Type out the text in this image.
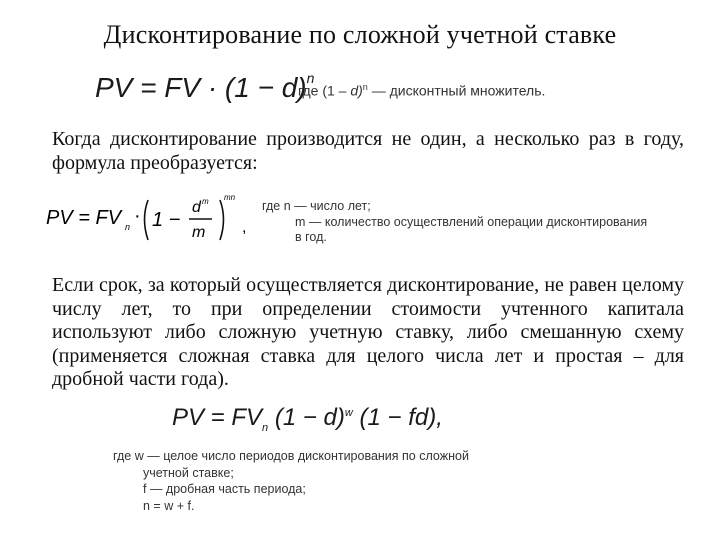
Дисконтирование по сложной учетной ставке
PV = FV · $(1 - d)^n$
где (1 – d)$^n$ — дисконтный множитель.
Когда дисконтирование производится не один, а несколько раз в году, формула преобразуется:
PV = FV n · 1 −
d m
m
mn
,
где n — число лет;
m — количество осуществлений операции дисконтирования
в год.
Если срок, за который осуществляется дисконтирование, не равен целому числу лет, то при определении стоимости учтенного капитала используют либо сложную учетную ставку, либо смешанную схему (применяется сложная ставка для целого числа лет и простая – для дробной части года).
PV = $FV_n$ $(1 - d)^w$ (1 − fd),
где w — целое число периодов дисконтирования по сложной
учетной ставке;
f — дробная часть периода;
n = w + f.
